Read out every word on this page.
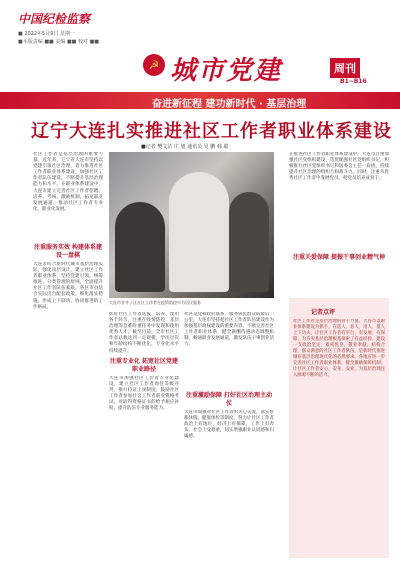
中国纪检监察
■ 2022年5月9日 星期一
■本版责编 ■■ 美编 ■■ 校对 ■■
☭ 城市党建	周刊
B1~B16
奋进新征程 建功新时代 · 基层治理
辽宁大连扎实推进社区工作者职业体系建设
■记者 樊文洁 庄 旭 通讯员 吴 鹏 韩 聪
大连市甘井子区社区工作者在疫情防控中为居民服务
社区工作者是基层治理的重要力量。近年来，辽宁省大连市坚持以党建引领社区治理，着力推进社区工作者职业体系建设，加强社区工作者队伍建设，不断提升基层治理能力和水平。在职业体系建设中，大连市建立完善社区工作者招聘、培养、考核、激励机制，拓宽职业发展通道，推动社区工作者专业化、职业化发展。
注重服务实效 构建体系建设一盘棋
大连市结合新时代城市基层治理实际，强化顶层设计，建立社区工作者职业体系，坚持党建引领、统筹推进、分类管理的原则，全面提升社区工作者队伍素质。各区市县结合实际出台配套政策，细化落实措施，形成上下联动、协同推进的工作格局。
抓好社区工作者选拔、培养、使用各个环节，注重在疫情防控、基层治理等急难险重任务中发现和使用优秀人才。截至目前，全市社区工作者总数达到一定规模，学历层次和年龄结构不断优化，专业化水平持续提升。
注重专业化 拓宽社区党建职业路径
大连市加强社区工作者专业化建设，建立社区工作者岗位等级序列，推行持证上岗制度，鼓励社区工作者参加社会工作者职业资格考试，对取得资格证书的给予相应补贴，提升队伍专业服务能力。
社区是党和政府联系、服务居民群众的最后一公里。大连市坚持把社区工作者队伍建设作为加强基层政权建设的重要内容，不断完善社区工作者职业体系，健全薪酬待遇动态调整机制，畅通职业发展通道，激发队伍干事创业活力。
注重激励保障 打好社区治理主动仗
大连市加强对社区工作者的关心关爱，落实带薪休假、健康体检等制度，努力让社区工作者政治上有地位、经济上有保障、工作上有奔头、社会上受尊重，切实增强职业认同感和归属感。
在推进社区工作者职业体系建设中，大连市注重加强社区党组织建设，选优配强社区党组织书记，积极推行社区党组织书记和居委会主任一肩挑，持续提升社区治理的组织力和战斗力。同时，注重从优秀社区工作者中发展党员，把党员培养成骨干。
注重关爱保障 提振干事创业精气神
记者点评
社区工作者是基层治理的骨干力量。大连市以职业体系建设为抓手，在选人、育人、用人、留人上下功夫，让社区工作者有平台、有发展、有保障，为夯实基层治理根基探索了有益经验。建设一支政治坚定、素质优良、敬业奉献、结构合理、群众满意的社区工作者队伍，是新时代推进城市基层治理现代化的必然要求。各地应进一步完善社区工作者职业体系，健全激励保障机制，让社区工作者安心、安身、安业，为基层治理注入源源不断的活力。
